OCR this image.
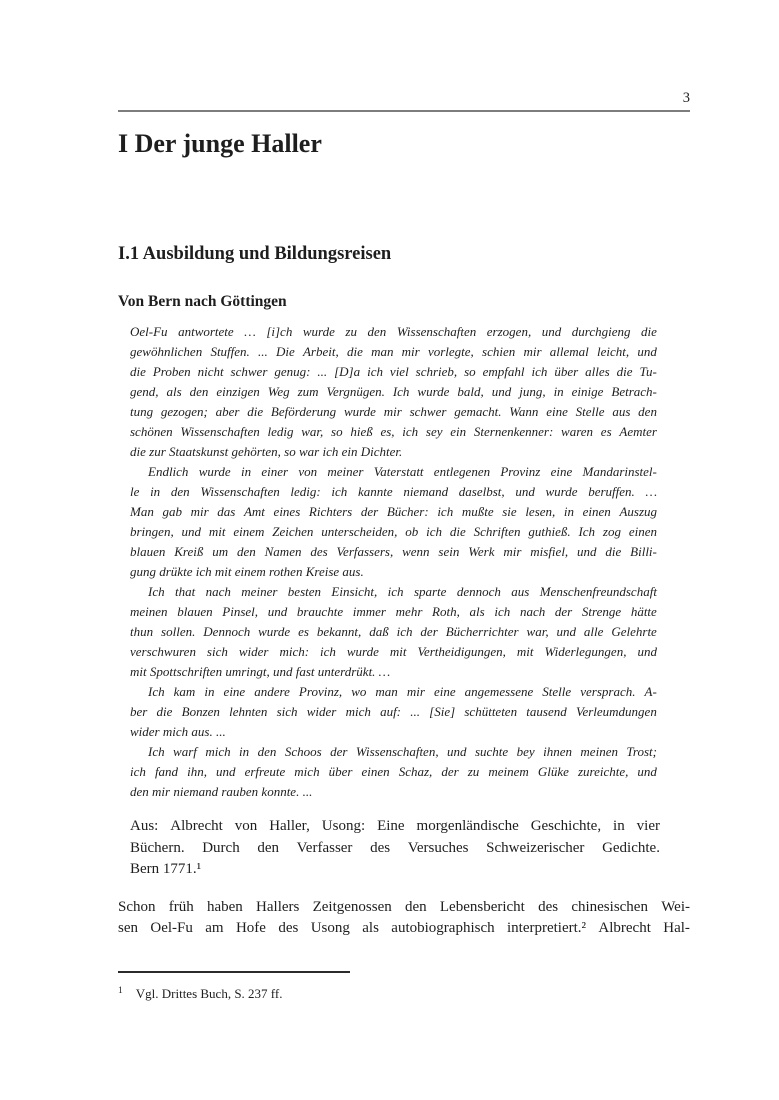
3
I Der junge Haller
I.1 Ausbildung und Bildungsreisen
Von Bern nach Göttingen
Oel-Fu antwortete … [i]ch wurde zu den Wissenschaften erzogen, und durchgieng die
gewöhnlichen Stuffen. ... Die Arbeit, die man mir vorlegte, schien mir allemal leicht, und
die Proben nicht schwer genug: ... [D]a ich viel schrieb, so empfahl ich über alles die Tu-
gend, als den einzigen Weg zum Vergnügen. Ich wurde bald, und jung, in einige Betrach-
tung gezogen; aber die Beförderung wurde mir schwer gemacht. Wann eine Stelle aus den
schönen Wissenschaften ledig war, so hieß es, ich sey ein Sternenkenner: waren es Aemter
die zur Staatskunst gehörten, so war ich ein Dichter.
Endlich wurde in einer von meiner Vaterstatt entlegenen Provinz eine Mandarinstel-
le in den Wissenschaften ledig: ich kannte niemand daselbst, und wurde beruffen. …
Man gab mir das Amt eines Richters der Bücher: ich mußte sie lesen, in einen Auszug
bringen, und mit einem Zeichen unterscheiden, ob ich die Schriften guthieß. Ich zog einen
blauen Kreiß um den Namen des Verfassers, wenn sein Werk mir misfiel, und die Billi-
gung drükte ich mit einem rothen Kreise aus.
Ich that nach meiner besten Einsicht, ich sparte dennoch aus Menschenfreundschaft
meinen blauen Pinsel, und brauchte immer mehr Roth, als ich nach der Strenge hätte
thun sollen. Dennoch wurde es bekannt, daß ich der Bücherrichter war, und alle Gelehrte
verschwuren sich wider mich: ich wurde mit Vertheidigungen, mit Widerlegungen, und
mit Spottschriften umringt, und fast unterdrükt. …
Ich kam in eine andere Provinz, wo man mir eine angemessene Stelle versprach. A-
ber die Bonzen lehnten sich wider mich auf: ... [Sie] schütteten tausend Verleumdungen
wider mich aus. ...
Ich warf mich in den Schoos der Wissenschaften, und suchte bey ihnen meinen Trost;
ich fand ihn, und erfreute mich über einen Schaz, der zu meinem Glüke zureichte, und
den mir niemand rauben konnte. ...
Aus: Albrecht von Haller, Usong: Eine morgenländische Geschichte, in vier
Büchern. Durch den Verfasser des Versuches Schweizerischer Gedichte.
Bern 1771.¹
Schon früh haben Hallers Zeitgenossen den Lebensbericht des chinesischen Wei-
sen Oel-Fu am Hofe des Usong als autobiographisch interpretiert.² Albrecht Hal-
$^1$ Vgl. Drittes Buch, S. 237 ff.
